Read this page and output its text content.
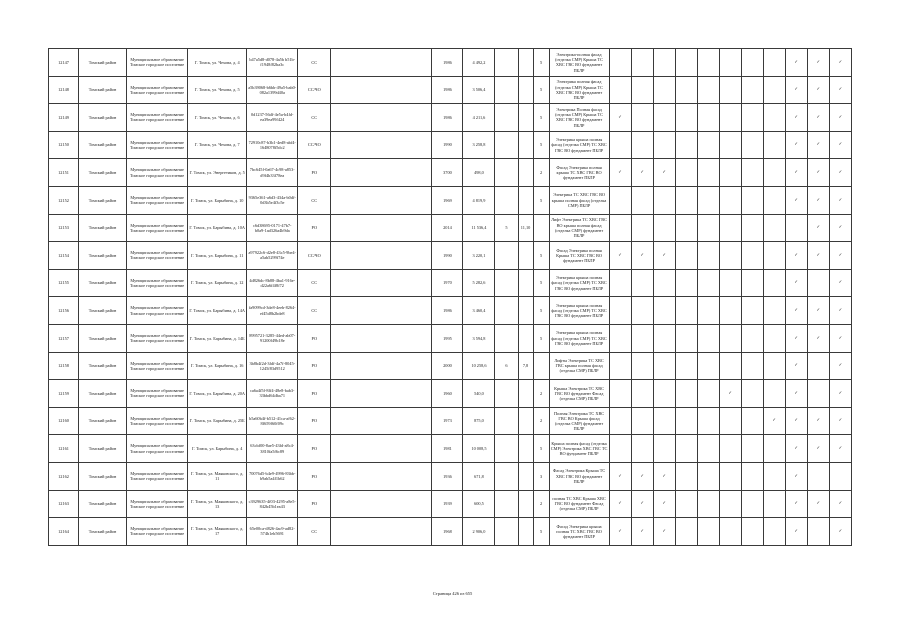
12147	Томский район	Муниципальное образование Томское городское поселение	Г. Томск, ул. Чехова, д. 4	b47a5d8-d078-4a5b b51b-f1948f82ba3c	СС		1986	4 492,2			5	Электрика-полная фасад (отделка СМР) Крыша ТС ХВС ГВС ВО фундамент ПБЛР									✓	✓	✓
12148	Томский район	Муниципальное образование Томское городское поселение	Г. Томск, ул. Чехова, д. 5	a5b39068-b6bb-49a5-bab0-082a1399d40a	СС/ЧО		1986	3 506,4			5	Электрика полная фасад (отделка СМР) Крыша ТС ХВС ГВС ВО фундамент ПБЛР									✓	✓	✓
12149	Томский район	Муниципальное образование Томское городское поселение	Г. Томск, ул. Чехова, д. 6	0d1237-56df-4e5a-b4fd-ea39ea99f424	СС		1986	4 211,6			5	Электрика Полная фасад (отделка СМР) Крыша ТС ХВС ГВС ВО фундамент ПБЛР	✓								✓	✓	✓
12150	Томский район	Муниципальное образование Томское городское поселение	Г. Томск, ул. Чехова, д. 7	72910c87-b3b1-4ed8-abf4-1648078f5dc2	СС/ЧО		1990	3 258,8			5	Электрика крыша полная фасад (отделка СМР) ТС ХВС ГВС ВО фундамент ПБЛР									✓	✓	✓
12151	Томский район	Муниципальное образование Томское городское поселение	Г. Томск, ул. Энергетиков, д. 5	7bc645f-0a67-4c98-a853-d9f4b33f78ea	РО		3700	498,0			2	Фасад Электрика полная крыша ТС ХВС ГВС ВО фундамент ПБЛР	✓	✓	✓						✓	✓	✓
12152	Томский район	Муниципальное образование Томское городское поселение	Г. Томск, ул. Барыбина, д. 10	9365e361-a6d3-434a-b0df-0d3b5e4f3c5e	СС		1969	4 819,9			5	Электрика ТС ХВС ГВС ВО крыша полная фасад (отделка СМР) ПБЛР									✓	✓	✓
12153	Томский район	Муниципальное образование Томское городское поселение	Г. Томск, ул. Барыбина, д. 10А	c6d38695-0171-47b7-b0a9-1ad326a4b9da	РО		2014	11 536,4	5	11,10		Лифт Электрика ТС ХВС ГВС ВО крыша полная фасад (отделка СМР) фундамент ПБЛР										✓	✓
12154	Томский район	Муниципальное образование Томское городское поселение	Г. Томск, ул. Барыбина, д. 11	a97922c6-d2e8-43c5-9be4-a5ab5299f74e	СС/ЧО		1990	3 220,1			5	Фасад Электрика полная Крыша ТС ХВС ГВС ВО фундамент ПБЛР	✓	✓	✓						✓	✓	✓
12155	Томский район	Муниципальное образование Томское городское поселение	Г. Томск, ул. Барыбина, д. 12	4d826dc-8b88-4ba1-916e-d22a6f4f8f72	СС		1970	5 282,6			5	Электрика крыша полная фасад (отделка СМР) ТС ХВС ГВС ВО фундамент ПБЛР									✓		✓
12156	Томский район	Муниципальное образование Томское городское поселение	Г. Томск, ул. Барыбина, д. 14А	fa9099cd-3de8-4eeb-8264-ef45d8b2bde8	СС		1986	3 460,4			5	Электрика крыша полная фасад (отделка СМР) ТС ХВС ГВС ВО фундамент ПБЛР									✓	✓	✓
12157	Томский район	Муниципальное образование Томское городское поселение	Г. Томск, ул. Барыбина, д. 14Б	8995721-3285-44ed-ab07-91200f49b18e	РО		1995	3 594,8			5	Электрика крыша полная фасад (отделка СМР) ТС ХВС ГВС ВО фундамент ПБЛР									✓	✓	✓
12158	Томский район	Муниципальное образование Томское городское поселение	Г. Томск, ул. Барыбина, д. 16	3b8b4f2d-3fdf-4a7f-8045-1245f83d9512	РО		2000	10 258,6	6	7,8		Лифты Электрика ТС ХВС ГВС крыша полная фасад (отделка СМР) ПБЛР									✓		✓
12159	Томский район	Муниципальное образование Томское городское поселение	Г. Томск, ул. Барыбина, д. 20А	ca6a4f5f-8ff4-48e8-bab3-33bbd64dba71	РО		1960	540,0			2	Крыша Электрика ТС ХВС ГВС ВО фундамент Фасад (отделка СМР) ПБЛР						✓			✓		✓
12160	Томский район	Муниципальное образование Томское городское поселение	Г. Томск, ул. Барыбина, д. 25Б	b5a60b4f-b512-41ca-af62-8f659f60f09c	РО		1973	875,0			2	Полная Электрика ТС ХВС ГВС ВО Крыша фасад (отделка СМР) фундамент ПБЛР								✓	✓	✓	✓
12161	Томский район	Муниципальное образование Томское городское поселение	Г. Томск, ул. Барыбина, д. 4	63cbf00-8ae5-43fd-a8c4-3810fa5f6c89	РО		1981	10 008,5			5	Крыша полная фасад (отделка СМР) Электрика ХВС ГВС ТС ВО фундамент ПБЛР									✓	✓	✓
12162	Томский район	Муниципальное образование Томское городское поселение	Г. Томск, ул. Маяковского, д. 11	70076d5-b4e9-4996-83bb-b9ab5a4f1b62	РО		1936	671,8			3	Фасад Электрика Крыша ТС ХВС ГВС ВО фундамент ПБЛР	✓	✓	✓						✓		
12163	Томский район	Муниципальное образование Томское городское поселение	Г. Томск, ул. Маяковского, д. 13	c3929635-4f03-4295-a8e5-842b45b1ea43	РО		1939	600,5			2	полная ТС ХВС Крыша ХВС ГВС ВО фундамент Фасад (отделка СМР) ПБЛР	✓	✓	✓						✓	✓	✓
12164	Томский район	Муниципальное образование Томское городское поселение	Г. Томск, ул. Маяковского, д. 17	65e00ca-d826-4ac9-ad82-574b1eb5691	СС		1968	2 906,0			5	Фасад Электрика крыша полная ТС ХВС ГВС ВО фундамент ПБЛР	✓	✓	✓						✓		✓
Страница 426 из 655
